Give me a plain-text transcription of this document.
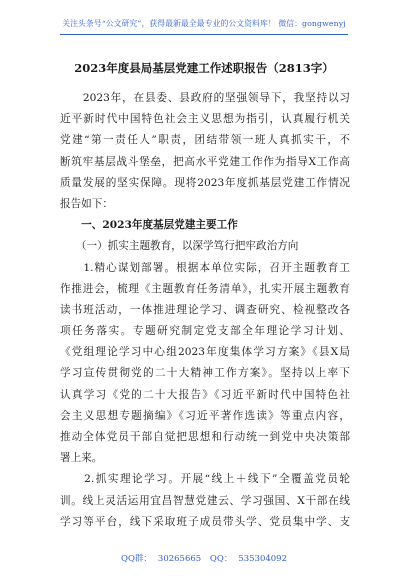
关注头条号“公文研究”，获得最新最全最专业的公文资料库！ 微信：gongwenyj
2023年度县局基层党建工作述职报告（2813字）
　　2023年，在县委、县政府的坚强领导下，我坚持以习
近平新时代中国特色社会主义思想为指引，认真履行机关
党建“第一责任人”职责，团结带领一班人真抓实干，不
断筑牢基层战斗堡垒，把高水平党建工作作为指导X工作高
质量发展的坚实保障。现将2023年度抓基层党建工作情况
报告如下：
　　一、2023年度基层党建主要工作
　　（一）抓实主题教育，以深学笃行把牢政治方向
　　1.精心谋划部署。根据本单位实际，召开主题教育工
作推进会，梳理《主题教育任务清单》，扎实开展主题教育
读书班活动，一体推进理论学习、调查研究、检视整改各
项任务落实。专题研究制定党支部全年理论学习计划、
《党组理论学习中心组2023年度集体学习方案》《县X局
学习宣传贯彻党的二十大精神工作方案》。坚持以上率下
认真学习《党的二十大报告》《习近平新时代中国特色社
会主义思想专题摘编》《习近平著作选读》等重点内容，
推动全体党员干部自觉把思想和行动统一到党中央决策部
署上来。
　　2.抓实理论学习。开展“线上＋线下”全覆盖党员轮
训。线上灵活运用宜昌智慧党建云、学习强国、X干部在线
学习等平台，线下采取班子成员带头学、党员集中学、支
QQ群： 30265665 QQ： 535304092
